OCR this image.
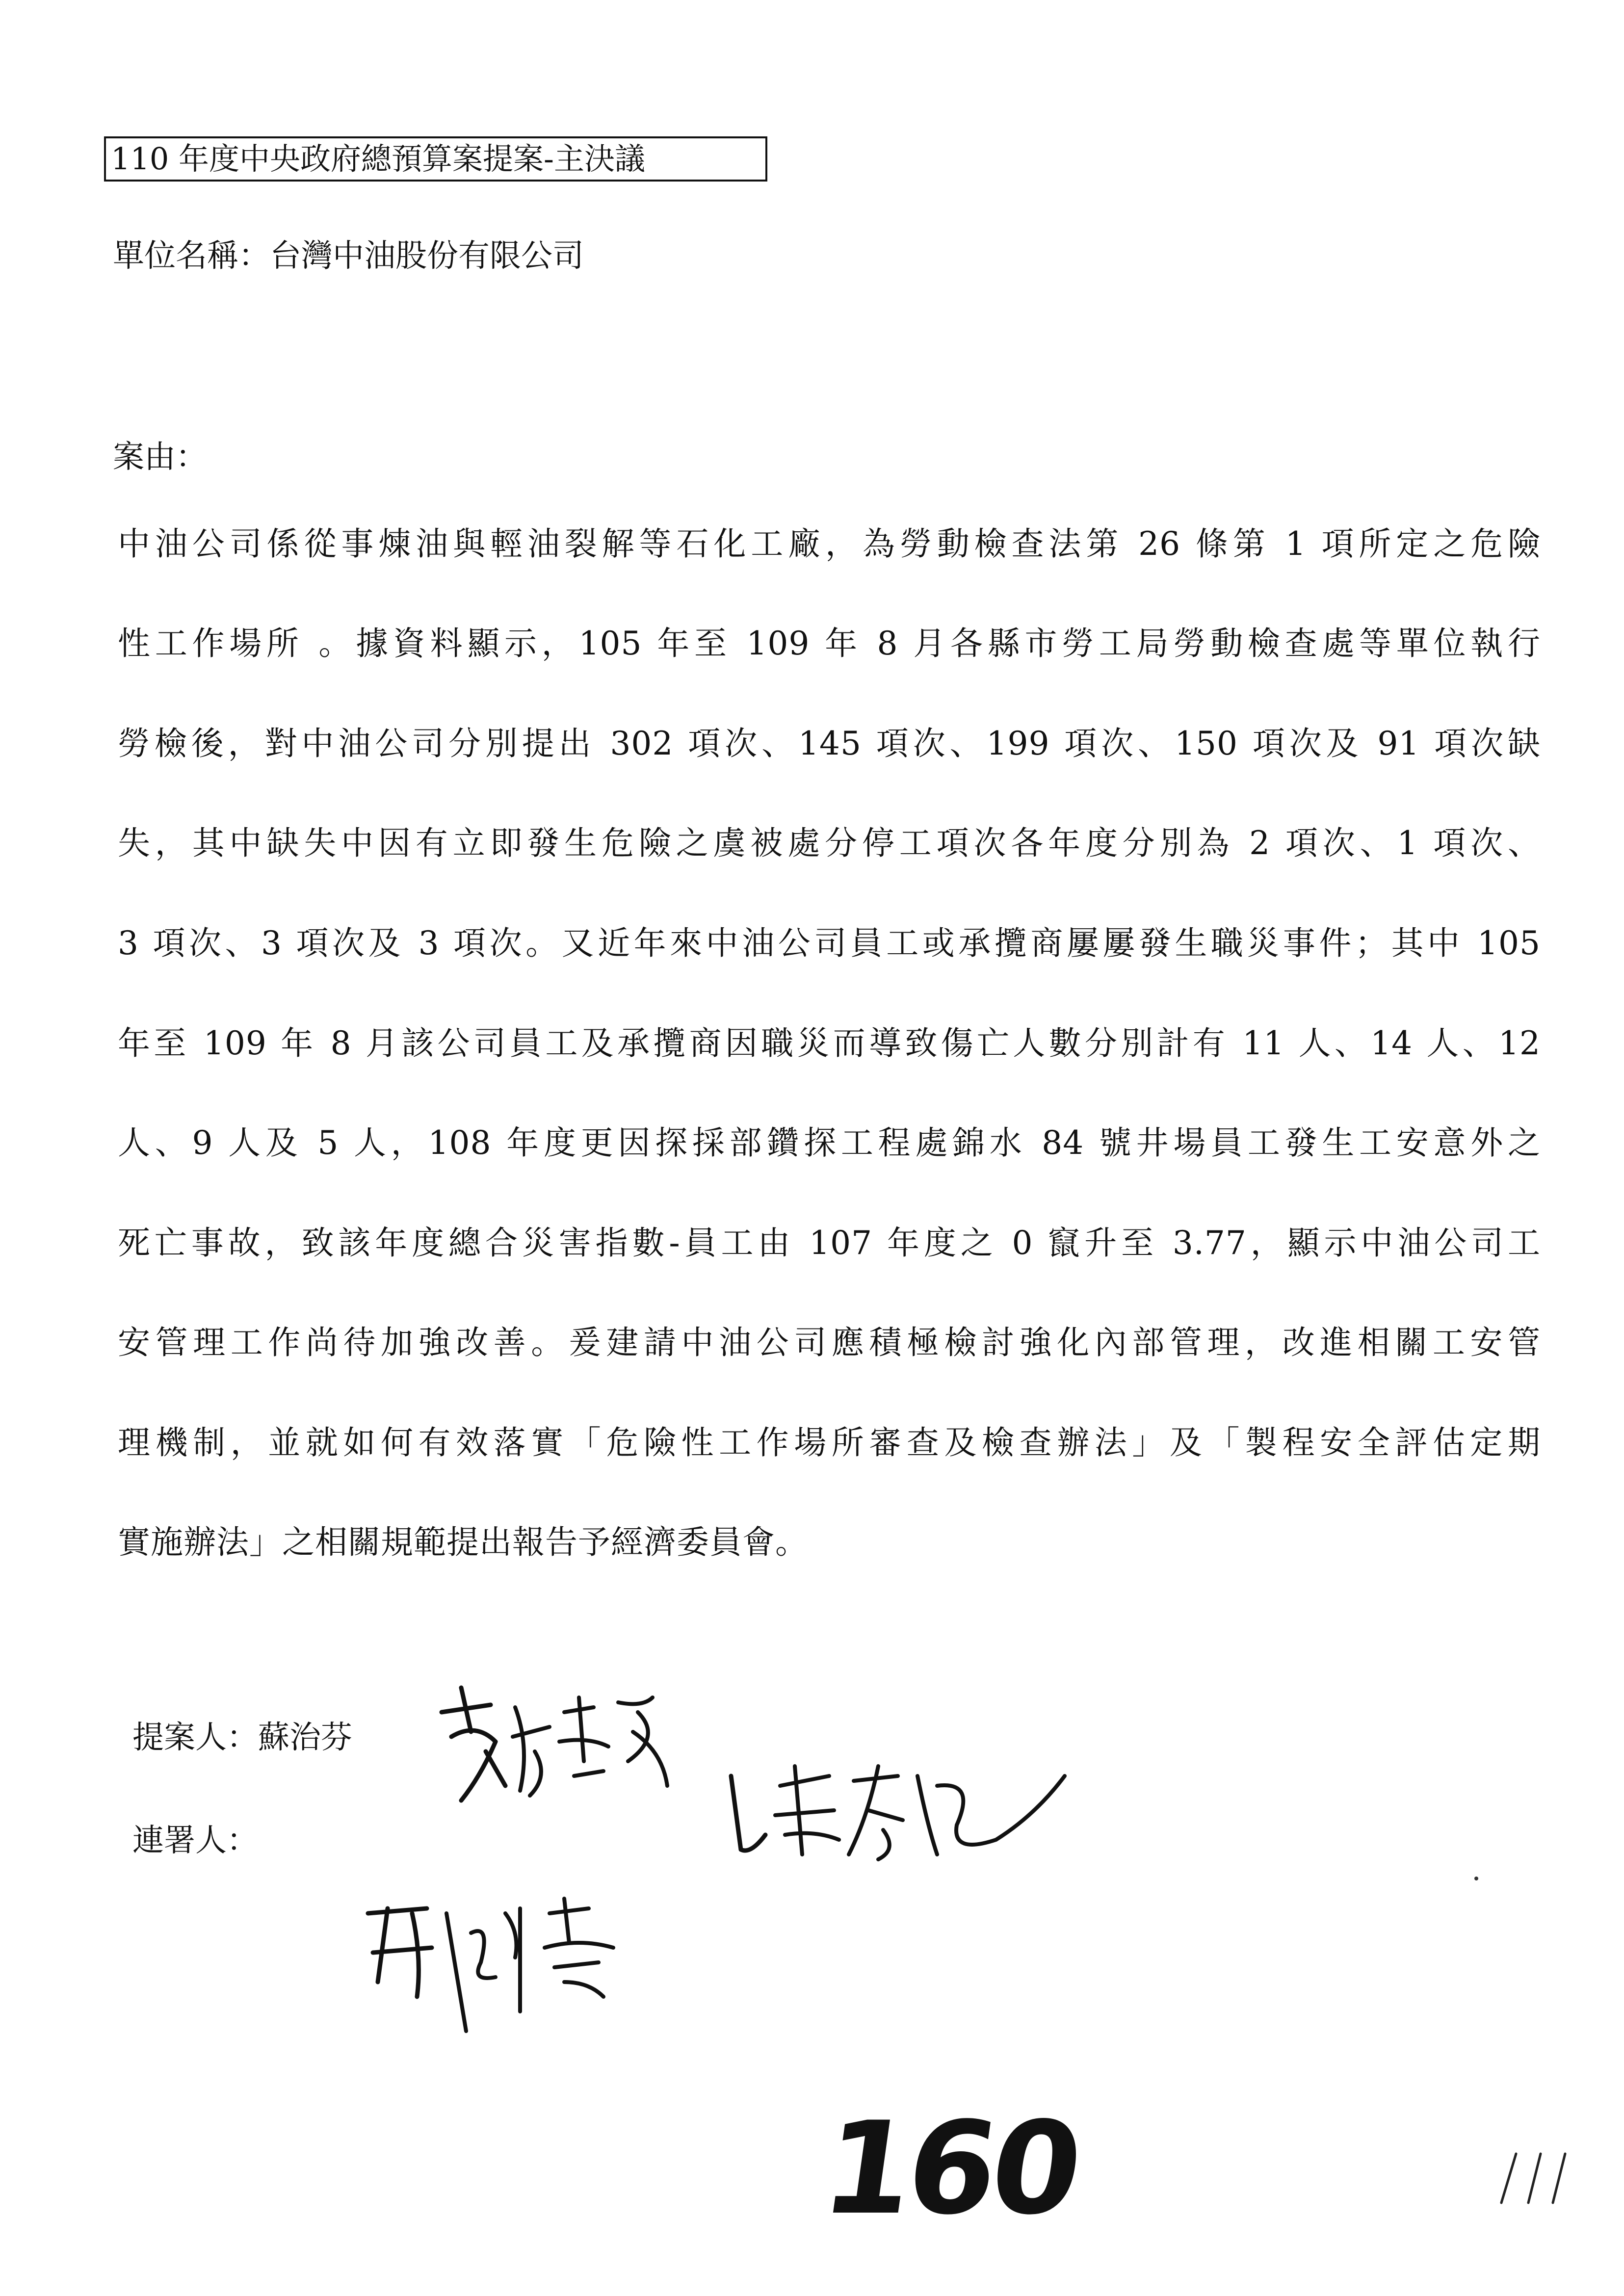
110 年度中央政府總預算案提案-主決議
單位名稱：台灣中油股份有限公司
案由：
中油公司係從事煉油與輕油裂解等石化工廠，為勞動檢查法第 26 條第 1 項所定之危險
性工作場所 。據資料顯示，105 年至 109 年 8 月各縣市勞工局勞動檢查處等單位執行
勞檢後，對中油公司分別提出 302 項次、145 項次、199 項次、150 項次及 91 項次缺
失，其中缺失中因有立即發生危險之虞被處分停工項次各年度分別為 2 項次、1 項次、
3 項次、3 項次及 3 項次。又近年來中油公司員工或承攬商屢屢發生職災事件；其中 105
年至 109 年 8 月該公司員工及承攬商因職災而導致傷亡人數分別計有 11 人、14 人、12
人、9 人及 5 人，108 年度更因探採部鑽探工程處錦水 84 號井場員工發生工安意外之
死亡事故，致該年度總合災害指數-員工由 107 年度之 0 竄升至 3.77，顯示中油公司工
安管理工作尚待加強改善。爰建請中油公司應積極檢討強化內部管理，改進相關工安管
理機制，並就如何有效落實「危險性工作場所審查及檢查辦法」及「製程安全評估定期
實施辦法」之相關規範提出報告予經濟委員會。
提案人：蘇治芬
連署人：
160
